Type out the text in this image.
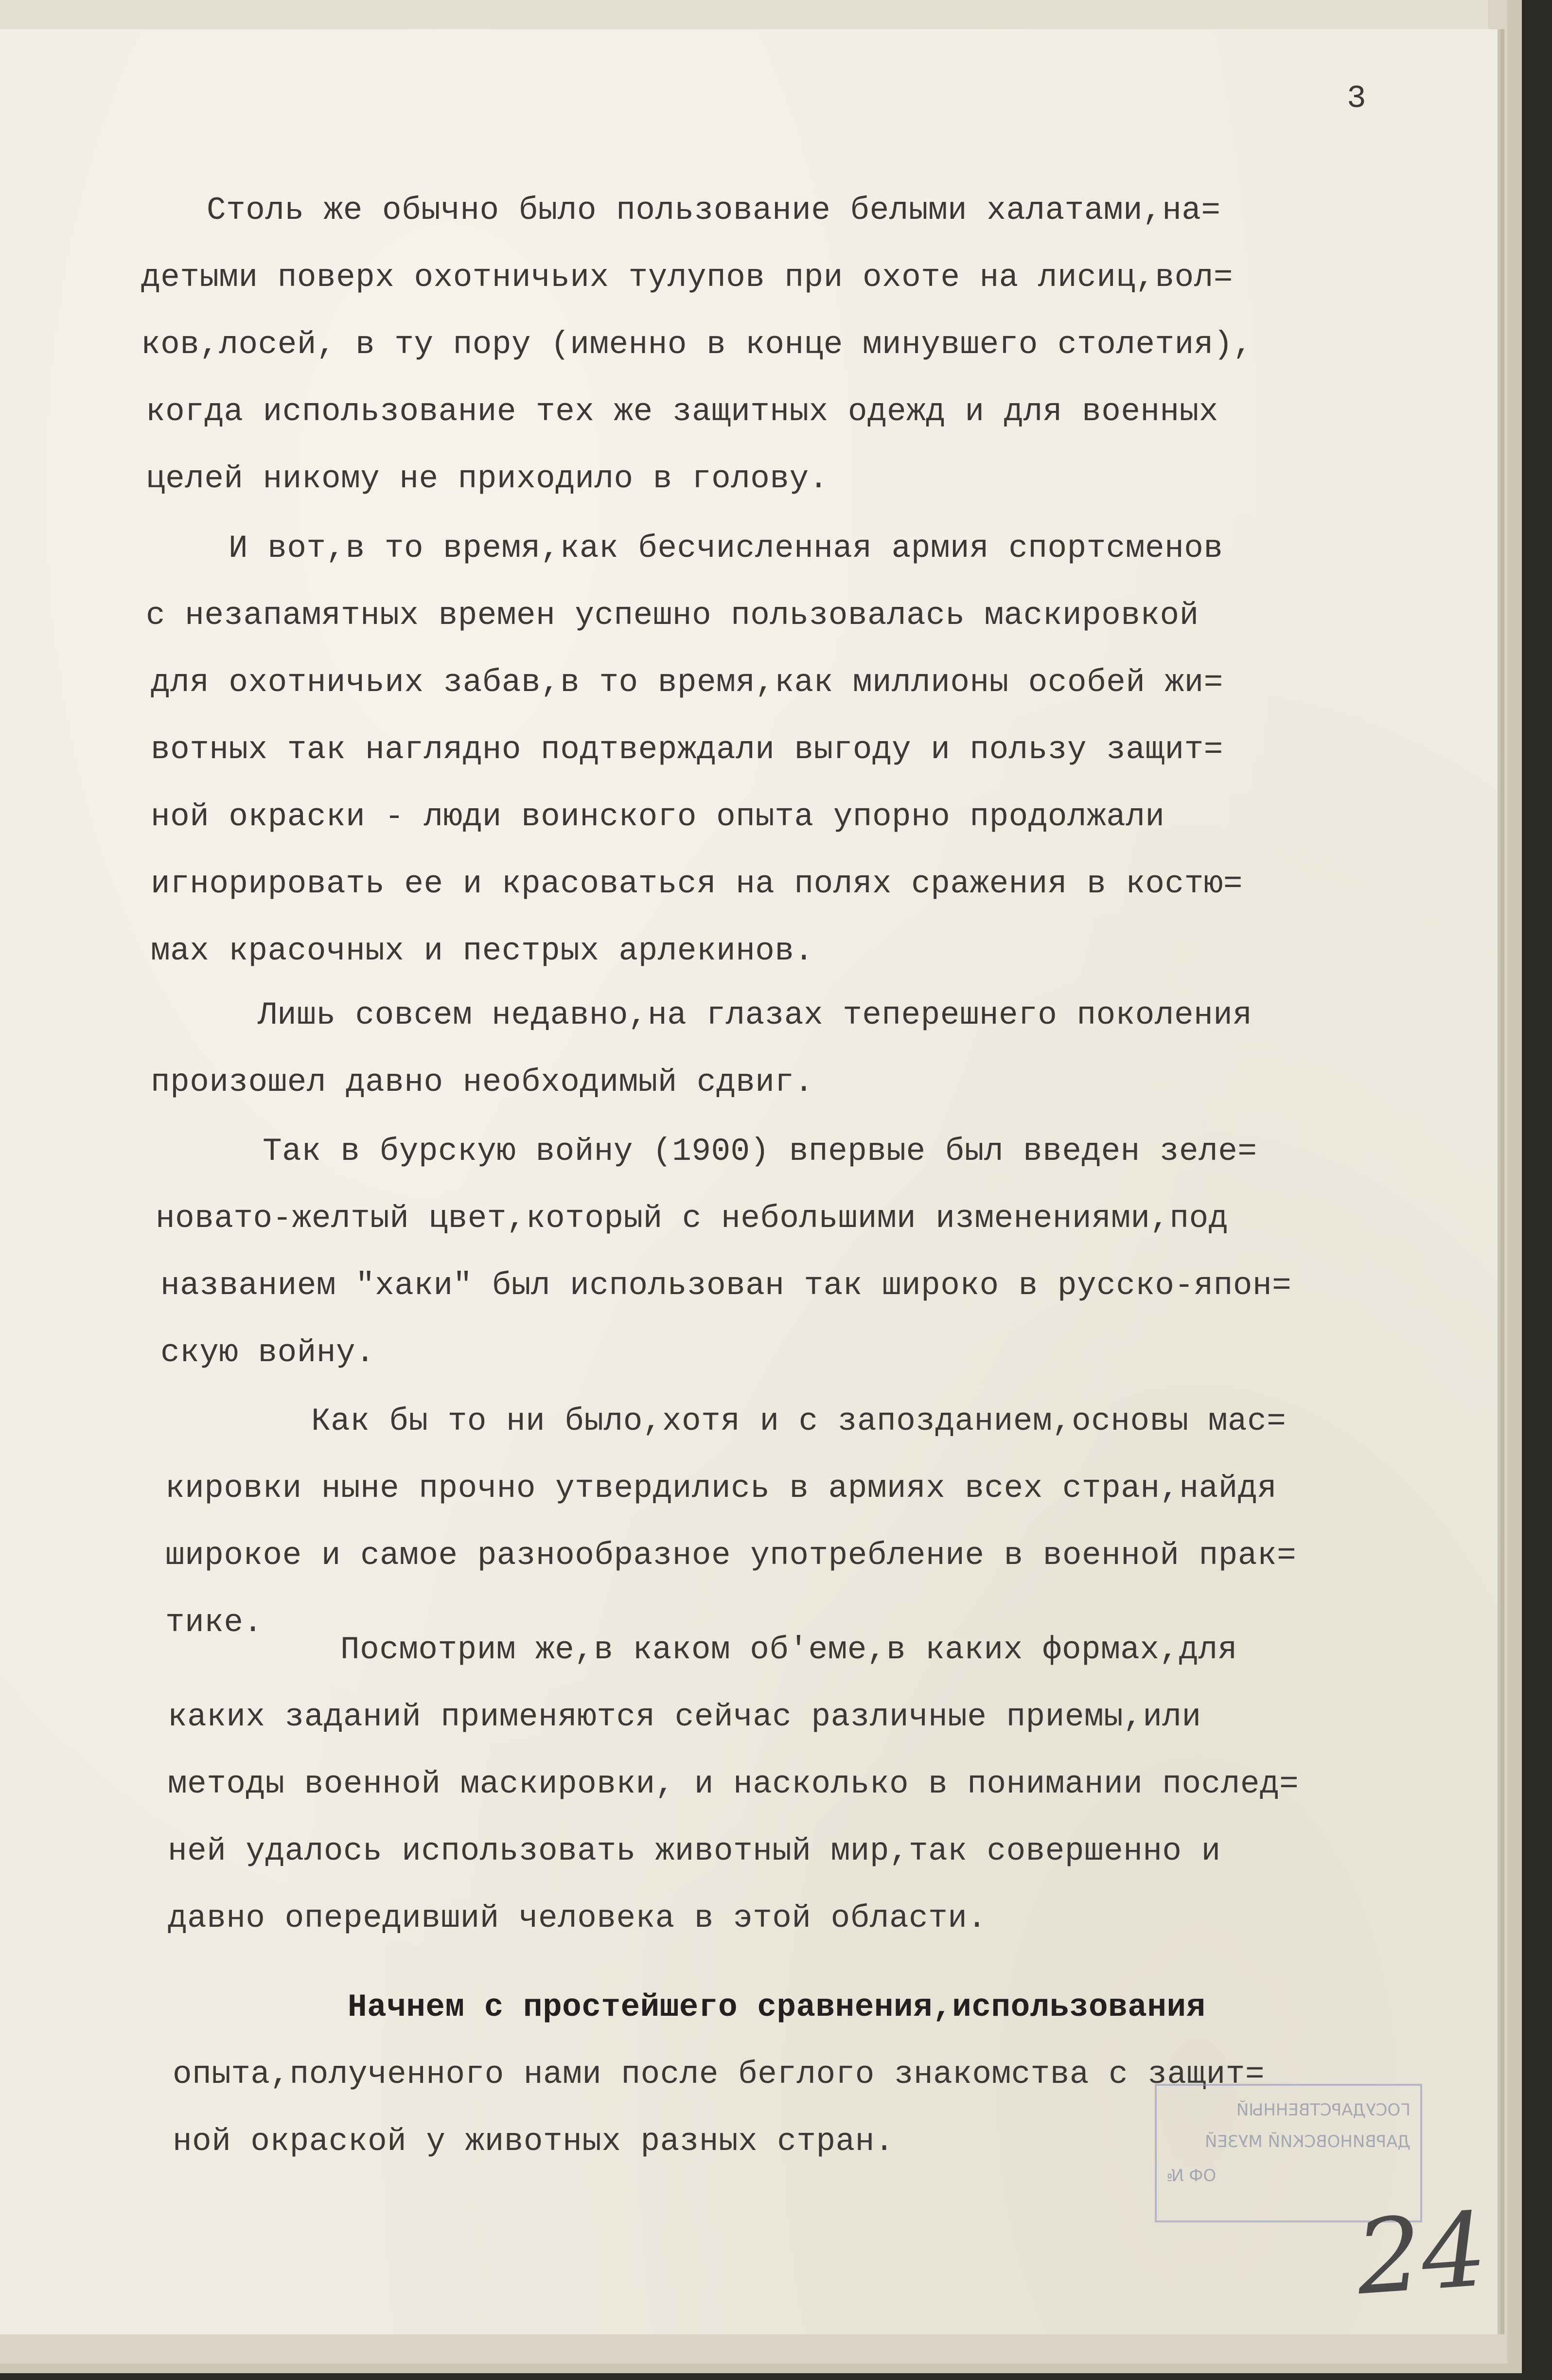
3
Столь же обычно было пользование белыми халатами,на=
детыми поверх охотничьих тулупов при охоте на лисиц,вол=
ков,лосей, в ту пору (именно в конце минувшего столетия),
когда использование тех же защитных одежд и для военных
целей никому не приходило в голову.
И вот,в то время,как бесчисленная армия спортсменов
с незапамятных времен успешно пользовалась маскировкой
для охотничьих забав,в то время,как миллионы особей жи=
вотных так наглядно подтверждали выгоду и пользу защит=
ной окраски - люди воинского опыта упорно продолжали
игнорировать ее и красоваться на полях сражения в костю=
мах красочных и пестрых арлекинов.
Лишь совсем недавно,на глазах теперешнего поколения
произошел давно необходимый сдвиг.
Так в бурскую войну (1900) впервые был введен зеле=
новато-желтый цвет,который с небольшими изменениями,под
названием "хаки" был использован так широко в русско-япон=
скую войну.
Как бы то ни было,хотя и с запозданием,основы мас=
кировки ныне прочно утвердились в армиях всех стран,найдя
широкое и самое разнообразное употребление в военной прак=
тике.
Посмотрим же,в каком об'еме,в каких формах,для
каких заданий применяются сейчас различные приемы,или
методы военной маскировки, и насколько в понимании послед=
ней удалось использовать животный мир,так совершенно и
давно опередивший человека в этой области.
Начнем с простейшего сравнения,использования
опыта,полученного нами после беглого знакомства с защит=
ной окраской у животных разных стран.
ГОСУДАРСТВЕННЫЙ
ДАРВИНОВСКИЙ МУЗЕЙ
ОФ №
24
